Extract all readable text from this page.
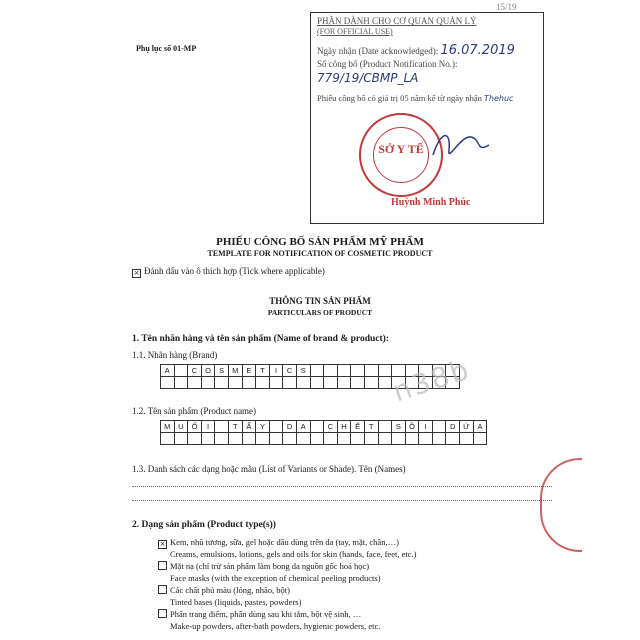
15/19
Phụ lục số 01-MP
PHẦN DÀNH CHO CƠ QUAN QUẢN LÝ
(FOR OFFICIAL USE)
Ngày nhận (Date acknowledged): 16.07.2019
Số công bố (Product Notification No.):
779/19/CBMP_LA
Phiếu công bố có giá trị 05 năm kể từ ngày nhận Thehuc
SỞ Y TẾ
Huỳnh Minh Phúc
PHIẾU CÔNG BỐ SẢN PHẨM MỸ PHẨM
TEMPLATE FOR NOTIFICATION OF COSMETIC PRODUCT
× Đánh dấu vào ô thích hợp (Tick where applicable)
THÔNG TIN SẢN PHẨM
PARTICULARS OF PRODUCT
1. Tên nhãn hàng và tên sản phẩm (Name of brand & product):
1.1. Nhãn hàng (Brand)
A		C	O	S	M	E	T	I	C	S											

1.2. Tên sản phẩm (Product name)
M	U	Ố	I		T	Ẩ	Y		D	A		C	H	Ế	T		S	Ồ	I		D	Ứ	A

1.3. Danh sách các dạng hoặc màu (List of Variants or Shade). Tên (Names)
2. Dạng sản phẩm (Product type(s))
× Kem, nhũ tương, sữa, gel hoặc dầu dùng trên da (tay, mặt, chân,…)
Creams, emulsions, lotions, gels and oils for skin (hands, face, feet, etc.)
Mặt nạ (chỉ trừ sản phẩm làm bong da nguồn gốc hoá học)
Face masks (with the exception of chemical peeling products)
Các chất phủ màu (lỏng, nhão, bột)
Tinted bases (liquids, pastes, powders)
Phấn trang điểm, phấn dùng sau khi tắm, bột vệ sinh, …
Make-up powders, after-bath powders, hygienic powders, etc.
n38b
